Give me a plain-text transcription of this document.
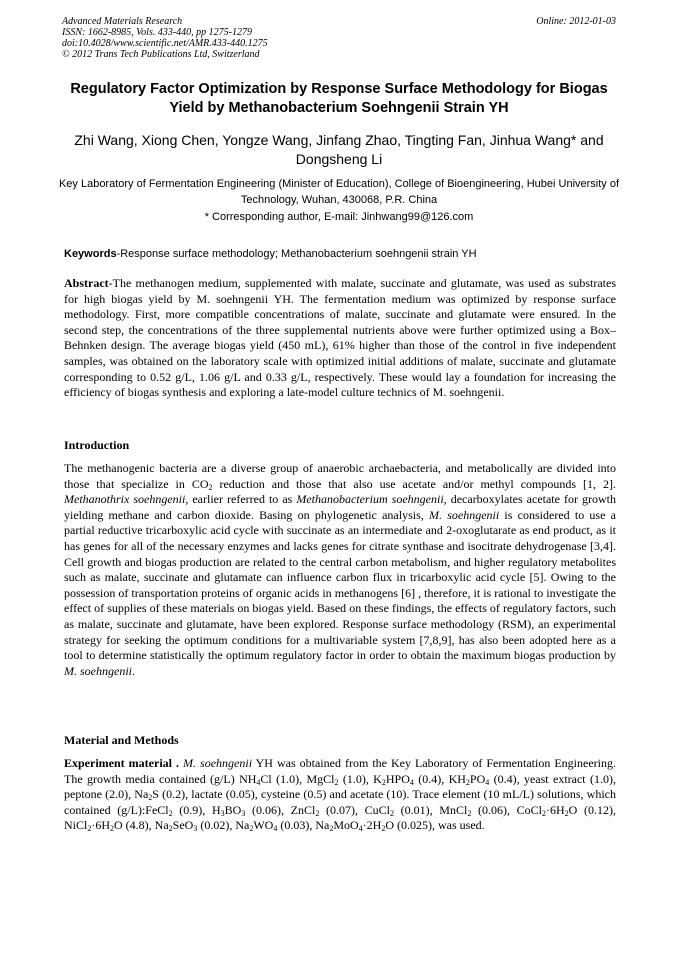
Advanced Materials Research
ISSN: 1662-8985, Vols. 433-440, pp 1275-1279
doi:10.4028/www.scientific.net/AMR.433-440.1275
© 2012 Trans Tech Publications Ltd, Switzerland
Online: 2012-01-03
Regulatory Factor Optimization by Response Surface Methodology for Biogas Yield by Methanobacterium Soehngenii Strain YH
Zhi Wang, Xiong Chen, Yongze Wang, Jinfang Zhao, Tingting Fan, Jinhua Wang* and Dongsheng Li
Key Laboratory of Fermentation Engineering (Minister of Education), College of Bioengineering, Hubei University of Technology, Wuhan, 430068, P.R. China
* Corresponding author, E-mail: Jinhwang99@126.com
Keywords-Response surface methodology; Methanobacterium soehngenii strain YH
Abstract-The methanogen medium, supplemented with malate, succinate and glutamate, was used as substrates for high biogas yield by M. soehngenii YH. The fermentation medium was optimized by response surface methodology. First, more compatible concentrations of malate, succinate and glutamate were ensured. In the second step, the concentrations of the three supplemental nutrients above were further optimized using a Box–Behnken design. The average biogas yield (450 mL), 61% higher than those of the control in five independent samples, was obtained on the laboratory scale with optimized initial additions of malate, succinate and glutamate corresponding to 0.52 g/L, 1.06 g/L and 0.33 g/L, respectively. These would lay a foundation for increasing the efficiency of biogas synthesis and exploring a late-model culture technics of M. soehngenii.
Introduction
The methanogenic bacteria are a diverse group of anaerobic archaebacteria, and metabolically are divided into those that specialize in $CO_2$ reduction and those that also use acetate and/or methyl compounds [1, 2]. Methanothrix soehngenii, earlier referred to as Methanobacterium soehngenii, decarboxylates acetate for growth yielding methane and carbon dioxide. Basing on phylogenetic analysis, M. soehngenii is considered to use a partial reductive tricarboxylic acid cycle with succinate as an intermediate and 2-oxoglutarate as end product, as it has genes for all of the necessary enzymes and lacks genes for citrate synthase and isocitrate dehydrogenase [3,4]. Cell growth and biogas production are related to the central carbon metabolism, and higher regulatory metabolites such as malate, succinate and glutamate can influence carbon flux in tricarboxylic acid cycle [5]. Owing to the possession of transportation proteins of organic acids in methanogens [6] , therefore, it is rational to investigate the effect of supplies of these materials on biogas yield. Based on these findings, the effects of regulatory factors, such as malate, succinate and glutamate, have been explored. Response surface methodology (RSM), an experimental strategy for seeking the optimum conditions for a multivariable system [7,8,9], has also been adopted here as a tool to determine statistically the optimum regulatory factor in order to obtain the maximum biogas production by M. soehngenii.
Material and Methods
Experiment material . M. soehngenii YH was obtained from the Key Laboratory of Fermentation Engineering. The growth media contained (g/L) $NH_4Cl$ (1.0), MgCl$_2$ (1.0), $K_2HPO_4$ (0.4), $KH_2PO_4$ (0.4), yeast extract (1.0), peptone (2.0), $Na_2S$ (0.2), lactate (0.05), cysteine (0.5) and acetate (10). Trace element (10 mL/L) solutions, which contained (g/L):FeCl$_2$ (0.9), $H_3BO_3$ (0.06), ZnCl$_2$ (0.07), CuCl$_2$ (0.01), MnCl$_2$ (0.06), $CoCl_2\cdot 6H_2O$ (0.12), $NiCl_2\cdot 6H_2O$ (4.8), $Na_2SeO_3$ (0.02), $Na_2WO_4$ (0.03), $Na_2MoO_4\cdot 2H_2O$ (0.025), was used.
